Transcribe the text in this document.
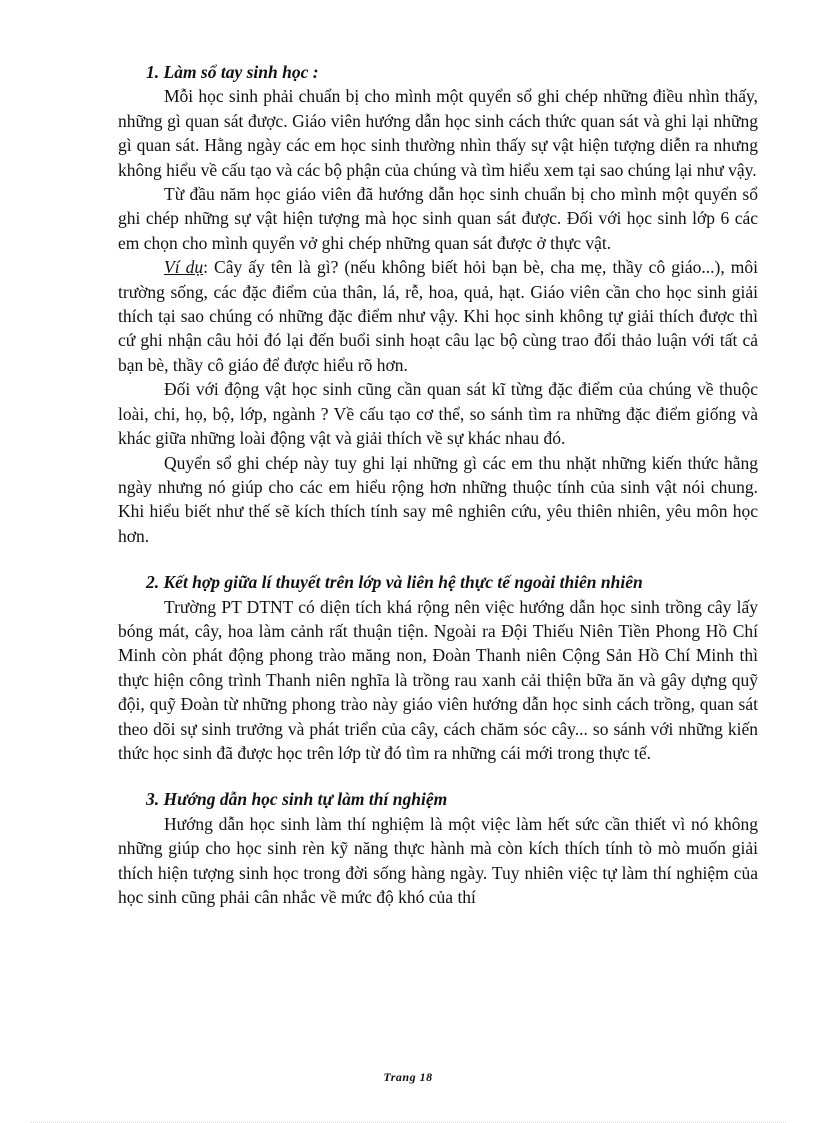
1. Làm sổ tay sinh học :

Mỗi học sinh phải chuẩn bị cho mình một quyển sổ ghi chép những điều nhìn thấy, những gì quan sát được. Giáo viên hướng dẫn học sinh cách thức quan sát và ghi lại những gì quan sát. Hằng ngày các em học sinh thường nhìn thấy sự vật hiện tượng diễn ra nhưng không hiểu về cấu tạo và các bộ phận của chúng và tìm hiểu xem tại sao chúng lại như vậy.

Từ đầu năm học giáo viên đã hướng dẫn học sinh chuẩn bị cho mình một quyển sổ ghi chép những sự vật hiện tượng mà học sinh quan sát được. Đối với học sinh lớp 6 các em chọn cho mình quyển vở ghi chép những quan sát được ở thực vật.

Ví dụ: Cây ấy tên là gì? (nếu không biết hỏi bạn bè, cha mẹ, thầy cô giáo...), môi trường sống, các đặc điểm của thân, lá, rễ, hoa, quả, hạt. Giáo viên cần cho học sinh giải thích tại sao chúng có những đặc điểm như vậy. Khi học sinh không tự giải thích được thì cứ ghi nhận câu hỏi đó lại đến buổi sinh hoạt câu lạc bộ cùng trao đổi thảo luận với tất cả bạn bè, thầy cô giáo để được hiểu rõ hơn.

Đối với động vật học sinh cũng cần quan sát kĩ từng đặc điểm của chúng về thuộc loài, chi, họ, bộ, lớp, ngành ? Về cấu tạo cơ thể, so sánh tìm ra những đặc điểm giống và khác giữa những loài động vật và giải thích về sự khác nhau đó.

Quyển sổ ghi chép này tuy ghi lại những gì các em thu nhặt những kiến thức hằng ngày nhưng nó giúp cho các em hiểu rộng hơn những thuộc tính của sinh vật nói chung. Khi hiểu biết như thế sẽ kích thích tính say mê nghiên cứu, yêu thiên nhiên, yêu môn học hơn.

2. Kết hợp giữa lí thuyết trên lớp và liên hệ thực tế ngoài thiên nhiên

Trường PT DTNT có diện tích khá rộng nên việc hướng dẫn học sinh trồng cây lấy bóng mát, cây, hoa làm cảnh rất thuận tiện. Ngoài ra Đội Thiếu Niên Tiền Phong Hồ Chí Minh còn phát động phong trào măng non, Đoàn Thanh niên Cộng Sản Hồ Chí Minh thì thực hiện công trình Thanh niên nghĩa là trồng rau xanh cải thiện bữa ăn và gây dựng quỹ đội, quỹ Đoàn từ những phong trào này giáo viên hướng dẫn học sinh cách trồng, quan sát theo dõi sự sinh trưởng và phát triển của cây, cách chăm sóc cây... so sánh với những kiến thức học sinh đã được học trên lớp từ đó tìm ra những cái mới trong thực tế.

3. Hướng dẫn học sinh tự làm thí nghiệm

Hướng dẫn học sinh làm thí nghiệm là một việc làm hết sức cần thiết vì nó không những giúp cho học sinh rèn kỹ năng thực hành mà còn kích thích tính tò mò muốn giải thích hiện tượng sinh học trong đời sống hàng ngày. Tuy nhiên việc tự làm thí nghiệm của học sinh cũng phải cân nhắc về mức độ khó của thí

Trang 18
